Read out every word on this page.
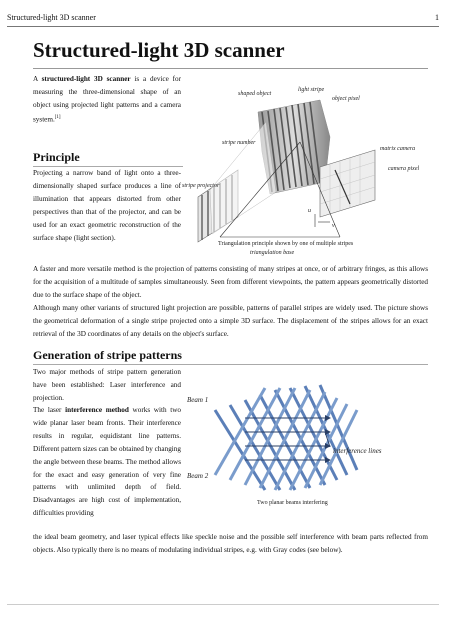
Structured-light 3D scanner	1
Structured-light 3D scanner

A structured-light 3D scanner is a device for measuring the three-dimensional shape of an object using projected light patterns and a camera system.[1]

Principle

Projecting a narrow band of light onto a three-dimensionally shaped surface produces a line of illumination that appears distorted from other perspectives than that of the projector, and can be used for an exact geometric reconstruction of the surface shape (light section).

shaped object
light stripe
object pixel
stripe number
matrix camera
camera pixel
stripe projector
triangulation base
u
v
Triangulation principle shown by one of multiple stripes

A faster and more versatile method is the projection of patterns consisting of many stripes at once, or of arbitrary fringes, as this allows for the acquisition of a multitude of samples simultaneously. Seen from different viewpoints, the pattern appears geometrically distorted due to the surface shape of the object.

Although many other variants of structured light projection are possible, patterns of parallel stripes are widely used. The picture shows the geometrical deformation of a single stripe projected onto a simple 3D surface. The displacement of the stripes allows for an exact retrieval of the 3D coordinates of any details on the object's surface.

Generation of stripe patterns

Two major methods of stripe pattern generation have been established: Laser interference and projection.

The laser interference method works with two wide planar laser beam fronts. Their interference results in regular, equidistant line patterns. Different pattern sizes can be obtained by changing the angle between these beams. The method allows for the exact and easy generation of very fine patterns with unlimited depth of field. Disadvantages are high cost of implementation, difficulties providing

Beam 1
Beam 2
interference lines
Two planar beams interfering

the ideal beam geometry, and laser typical effects like speckle noise and the possible self interference with beam parts reflected from objects. Also typically there is no means of modulating individual stripes, e.g. with Gray codes (see below).
